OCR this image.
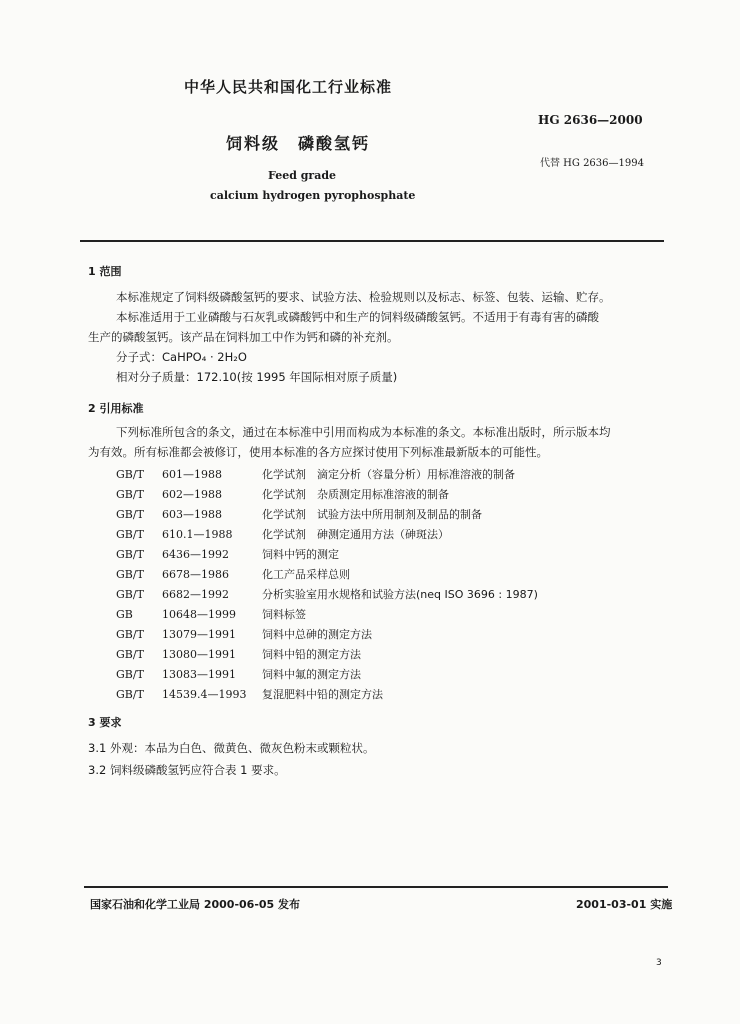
中华人民共和国化工行业标准
HG 2636—2000
饲料级　磷酸氢钙
代替 HG 2636—1994
Feed grade
calcium hydrogen pyrophosphate
1 范围
本标准规定了饲料级磷酸氢钙的要求、试验方法、检验规则以及标志、标签、包装、运输、贮存。
本标准适用于工业磷酸与石灰乳或磷酸钙中和生产的饲料级磷酸氢钙。不适用于有毒有害的磷酸
生产的磷酸氢钙。该产品在饲料加工中作为钙和磷的补充剂。
分子式：CaHPO₄ · 2H₂O
相对分子质量：172.10(按 1995 年国际相对原子质量)
2 引用标准
下列标准所包含的条文，通过在本标准中引用而构成为本标准的条文。本标准出版时，所示版本均
为有效。所有标准都会被修订，使用本标准的各方应探讨使用下列标准最新版本的可能性。
GB/T 601—1988	化学试剂　滴定分析（容量分析）用标准溶液的制备
GB/T 602—1988	化学试剂　杂质测定用标准溶液的制备
GB/T 603—1988	化学试剂　试验方法中所用制剂及制品的制备
GB/T 610.1—1988	化学试剂　砷测定通用方法（砷斑法）
GB/T 6436—1992	饲料中钙的测定
GB/T 6678—1986	化工产品采样总则
GB/T 6682—1992	分析实验室用水规格和试验方法(neq ISO 3696 : 1987)
GB	10648—1999 饲料标签
GB/T 13079—1991 饲料中总砷的测定方法
GB/T 13080—1991 饲料中铅的测定方法
GB/T 13083—1991 饲料中氟的测定方法
GB/T 14539.4—1993 复混肥料中铅的测定方法
3 要求
3.1 外观：本品为白色、微黄色、微灰色粉末或颗粒状。
3.2 饲料级磷酸氢钙应符合表 1 要求。
国家石油和化学工业局 2000-06-05 发布	2001-03-01 实施
3
